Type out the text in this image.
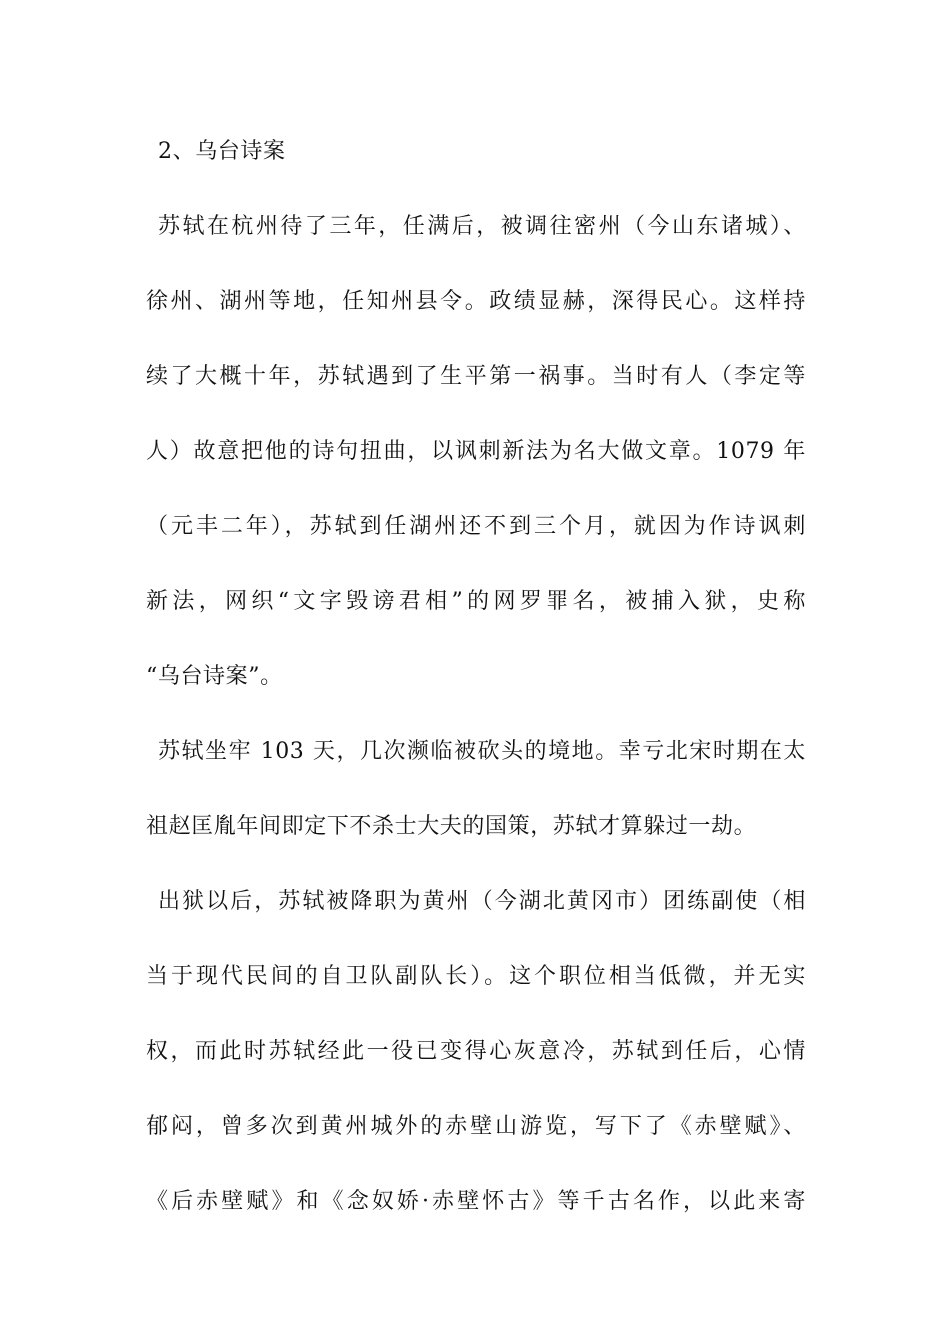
2、乌台诗案
苏轼在杭州待了三年，任满后，被调往密州（今山东诸城）、
徐州、湖州等地，任知州县令。政绩显赫，深得民心。这样持
续了大概十年，苏轼遇到了生平第一祸事。当时有人（李定等
人）故意把他的诗句扭曲，以讽刺新法为名大做文章。1079 年
（元丰二年），苏轼到任湖州还不到三个月，就因为作诗讽刺
新法，网织“文字毁谤君相”的网罗罪名，被捕入狱，史称
“乌台诗案”。
苏轼坐牢 103 天，几次濒临被砍头的境地。幸亏北宋时期在太
祖赵匡胤年间即定下不杀士大夫的国策，苏轼才算躲过一劫。
出狱以后，苏轼被降职为黄州（今湖北黄冈市）团练副使（相
当于现代民间的自卫队副队长）。这个职位相当低微，并无实
权，而此时苏轼经此一役已变得心灰意冷，苏轼到任后，心情
郁闷，曾多次到黄州城外的赤壁山游览，写下了《赤壁赋》、
《后赤壁赋》和《念奴娇·赤壁怀古》等千古名作，以此来寄
